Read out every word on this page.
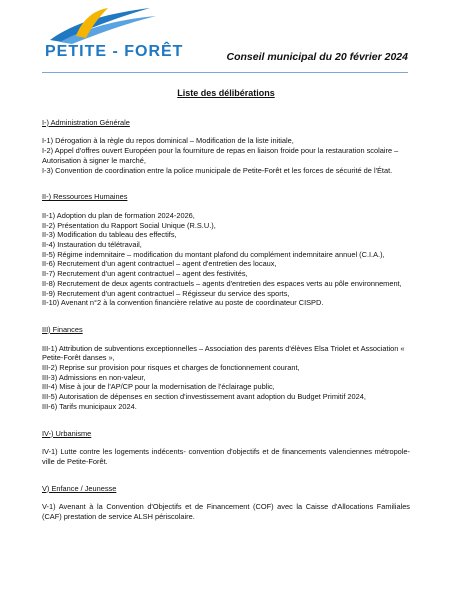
PETITE - FORÊT	Conseil municipal du 20 février 2024
Liste des délibérations
I-) Administration Générale

I-1) Dérogation à la règle du repos dominical – Modification de la liste initiale,

I-2) Appel d'offres ouvert Européen pour la fourniture de repas en liaison froide pour la restauration scolaire – Autorisation à signer le marché,

I-3) Convention de coordination entre la police municipale de Petite-Forêt et les forces de sécurité de l'État.

II-) Ressources Humaines

II-1) Adoption du plan de formation 2024-2026,

II-2) Présentation du Rapport Social Unique (R.S.U.),

II-3) Modification du tableau des effectifs,

II-4) Instauration du télétravail,

II-5) Régime indemnitaire – modification du montant plafond du complément indemnitaire annuel (C.I.A.),

II-6) Recrutement d'un agent contractuel – agent d'entretien des locaux,

II-7) Recrutement d'un agent contractuel – agent des festivités,

II-8) Recrutement de deux agents contractuels – agents d'entretien des espaces verts au pôle environnement,

II-9) Recrutement d'un agent contractuel – Régisseur du service des sports,

II-10) Avenant n°2 à la convention financière relative au poste de coordinateur CISPD.

III) Finances

III-1) Attribution de subventions exceptionnelles – Association des parents d'élèves Elsa Triolet et Association « Petite-Forêt danses »,

III-2) Reprise sur provision pour risques et charges de fonctionnement courant,

III-3) Admissions en non-valeur,

III-4) Mise à jour de l'AP/CP pour la modernisation de l'éclairage public,

III-5) Autorisation de dépenses en section d'investissement avant adoption du Budget Primitif 2024,

III-6) Tarifs municipaux 2024.

IV-) Urbanisme

IV-1) Lutte contre les logements indécents- convention d'objectifs et de financements valenciennes métropole-ville de Petite-Forêt.

V) Enfance / Jeunesse

V-1) Avenant à la Convention d'Objectifs et de Financement (COF) avec la Caisse d'Allocations Familiales (CAF) prestation de service ALSH périscolaire.
